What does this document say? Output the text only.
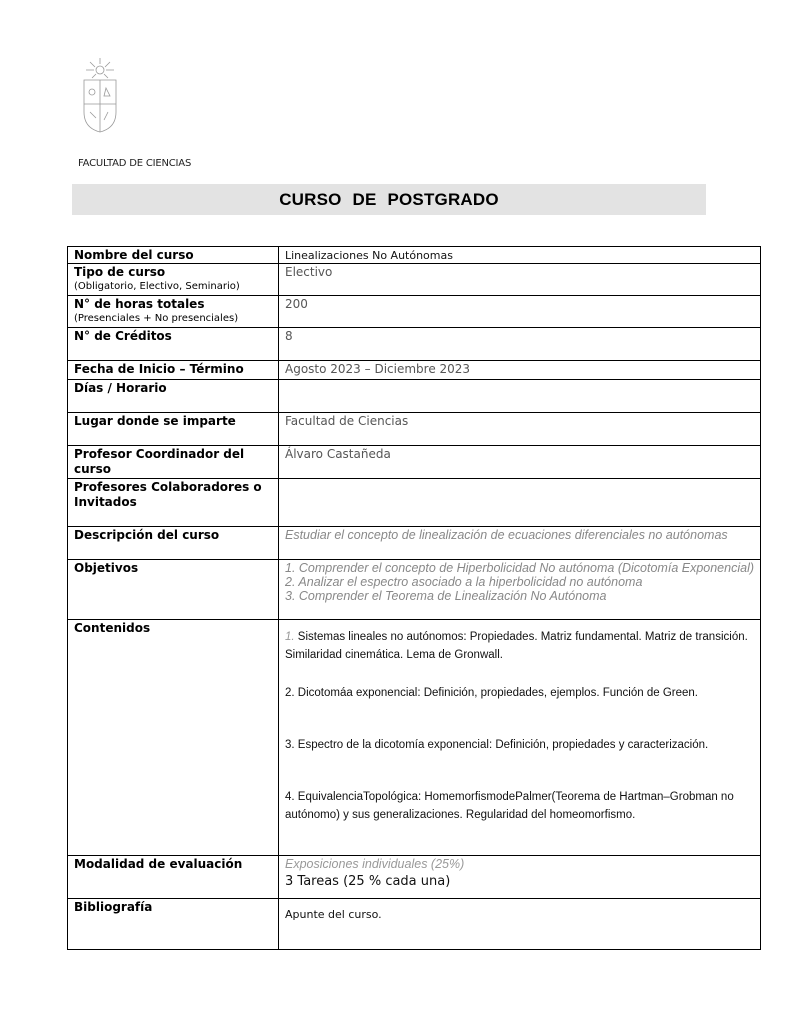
FACULTAD DE CIENCIAS
CURSO DE POSTGRADO
Nombre del curso	Linealizaciones No Autónomas
Tipo de curso
(Obligatorio, Electivo, Seminario)	Electivo
N° de horas totales
(Presenciales + No presenciales)	200
N° de Créditos	8
Fecha de Inicio – Término	Agosto 2023 – Diciembre 2023
Días / Horario	
Lugar donde se imparte	Facultad de Ciencias
Profesor Coordinador del curso	Álvaro Castañeda
Profesores Colaboradores o Invitados	
Descripción del curso	Estudiar el concepto de linealización de ecuaciones diferenciales no autónomas
Objetivos	1. Comprender el concepto de Hiperbolicidad No autónoma (Dicotomía Exponencial)
2. Analizar el espectro asociado a la hiperbolicidad no autónoma
3. Comprender el Teorema de Linealización No Autónoma

Contenidos	1. Sistemas lineales no autónomos: Propiedades. Matriz fundamental. Matriz de transición. Similaridad cinemática. Lema de Gronwall.
2. Dicotomáa exponencial: Definición, propiedades, ejemplos. Función de Green.
3. Espectro de la dicotomía exponencial: Definición, propiedades y caracterización.
4. EquivalenciaTopológica: HomemorfismodePalmer(Teorema de Hartman–Grobman no autónomo) y sus generalizaciones. Regularidad del homeomorfismo.

Modalidad de evaluación	Exposiciones individuales (25%)
3 Tareas (25 % cada una)

Bibliografía	Apunte del curso.
